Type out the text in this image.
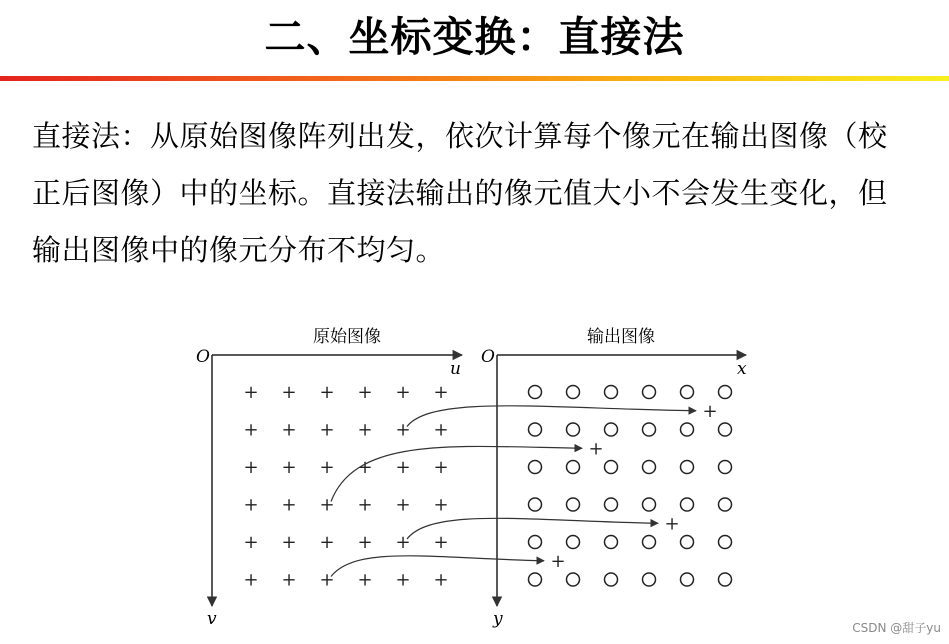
二、坐标变换：直接法
直接法：从原始图像阵列出发，依次计算每个像元在输出图像（校正后图像）中的坐标。直接法输出的像元值大小不会发生变化，但输出图像中的像元分布不均匀。
原始图像
O
u
v
+ + + + + +
+ + + + + +
+ + + + + +
+ + + + + +
+ + + + + +
+ + + + + +
输出图像
O
x
y
+
+
+
+
CSDN @甜子yu
